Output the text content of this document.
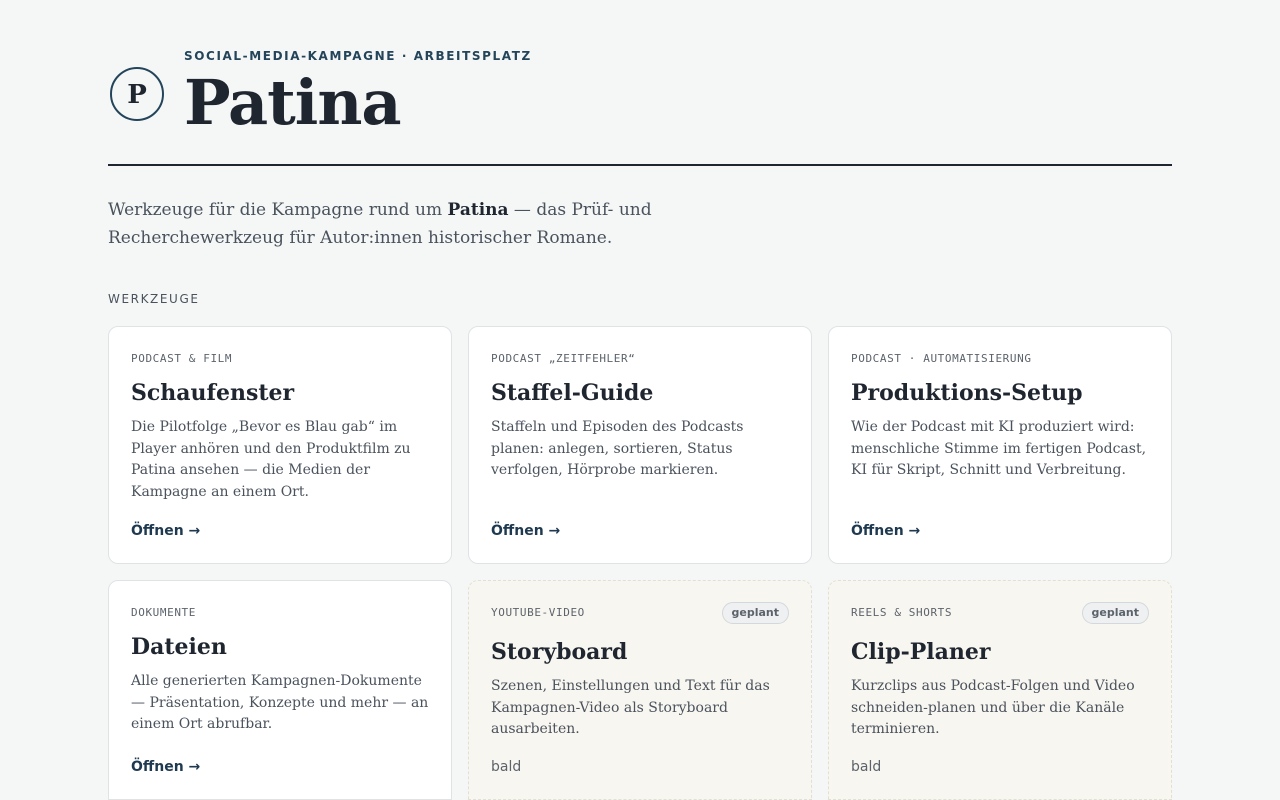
P
SOCIAL-MEDIA-KAMPAGNE · ARBEITSPLATZ
Patina

Werkzeuge für die Kampagne rund um Patina — das Prüf- und Recherchewerkzeug für Autor:innen historischer Romane.

WERKZEUGE
PODCAST & FILM
Schaufenster
Die Pilotfolge „Bevor es Blau gab“ im Player anhören und den Produktfilm zu Patina ansehen — die Medien der Kampagne an einem Ort.
Öffnen →
PODCAST „ZEITFEHLER“
Staffel-Guide
Staffeln und Episoden des Podcasts planen: anlegen, sortieren, Status verfolgen, Hörprobe markieren.
Öffnen →
PODCAST · AUTOMATISIERUNG
Produktions-Setup
Wie der Podcast mit KI produziert wird: menschliche Stimme im fertigen Podcast, KI für Skript, Schnitt und Verbreitung.
Öffnen →
DOKUMENTE
Dateien
Alle generierten Kampagnen-Dokumente — Präsentation, Konzepte und mehr — an einem Ort abrufbar.
Öffnen →
YOUTUBE-VIDEO	geplant
Storyboard
Szenen, Einstellungen und Text für das Kampagnen-Video als Storyboard ausarbeiten.
bald
REELS & SHORTS	geplant
Clip-Planer
Kurzclips aus Podcast-Folgen und Video schneiden-planen und über die Kanäle terminieren.
bald
